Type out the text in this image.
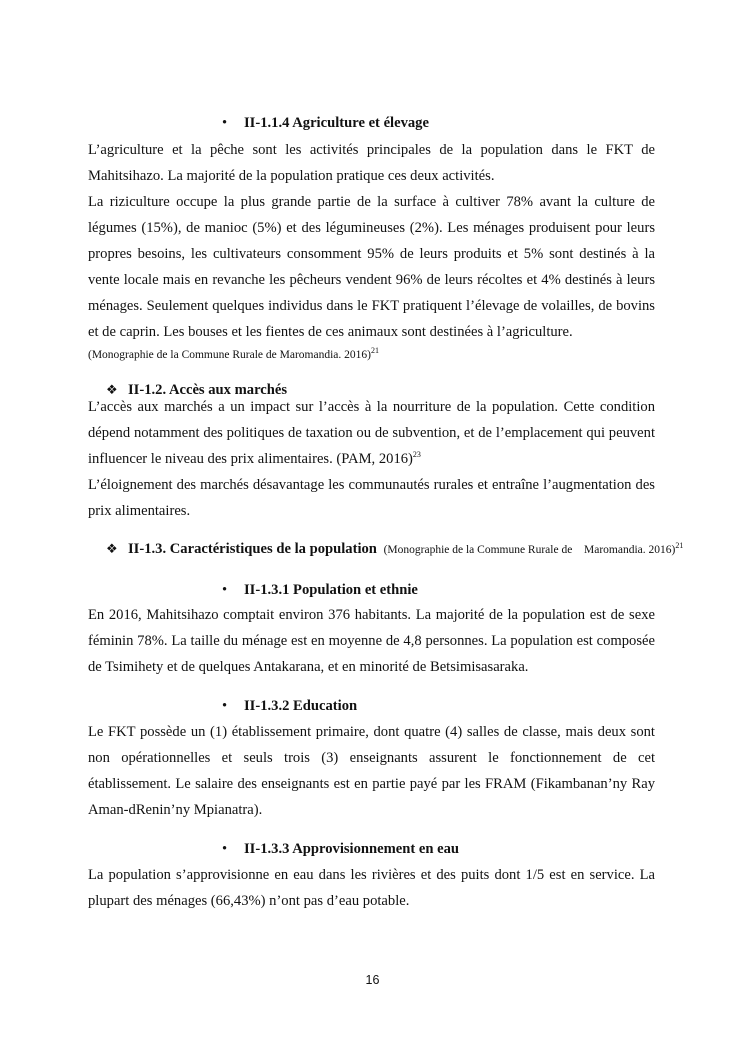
• II-1.1.4 Agriculture et élevage

L’agriculture et la pêche sont les activités principales de la population dans le FKT de Mahitsihazo. La majorité de la population pratique ces deux activités.

La riziculture occupe la plus grande partie de la surface à cultiver 78% avant la culture de légumes (15%), de manioc (5%) et des légumineuses (2%). Les ménages produisent pour leurs propres besoins, les cultivateurs consomment 95% de leurs produits et 5% sont destinés à la vente locale mais en revanche les pêcheurs vendent 96% de leurs récoltes et 4% destinés à leurs ménages. Seulement quelques individus dans le FKT pratiquent l’élevage de volailles, de bovins et de caprin. Les bouses et les fientes de ces animaux sont destinées à l’agriculture.

(Monographie de la Commune Rurale de Maromandia. 2016)$^{21}$
❖ II-1.2. Accès aux marchés

L’accès aux marchés a un impact sur l’accès à la nourriture de la population. Cette condition dépend notamment des politiques de taxation ou de subvention, et de l’emplacement qui peuvent influencer le niveau des prix alimentaires. (PAM, 2016)$^{23}$

L’éloignement des marchés désavantage les communautés rurales et entraîne l’augmentation des prix alimentaires.

❖ II-1.3. Caractéristiques de la population (Monographie de la Commune Rurale de Maromandia. 2016)$^{21}$
• II-1.3.1 Population et ethnie

En 2016, Mahitsihazo comptait environ 376 habitants. La majorité de la population est de sexe féminin 78%. La taille du ménage est en moyenne de 4,8 personnes. La population est composée de Tsimihety et de quelques Antakarana, et en minorité de Betsimisasaraka.

• II-1.3.2 Education

Le FKT possède un (1) établissement primaire, dont quatre (4) salles de classe, mais deux sont non opérationnelles et seuls trois (3) enseignants assurent le fonctionnement de cet établissement. Le salaire des enseignants est en partie payé par les FRAM (Fikambanan’ny Ray Aman-dRenin’ny Mpianatra).

• II-1.3.3 Approvisionnement en eau

La population s’approvisionne en eau dans les rivières et des puits dont 1/5 est en service. La plupart des ménages (66,43%) n’ont pas d’eau potable.

16
